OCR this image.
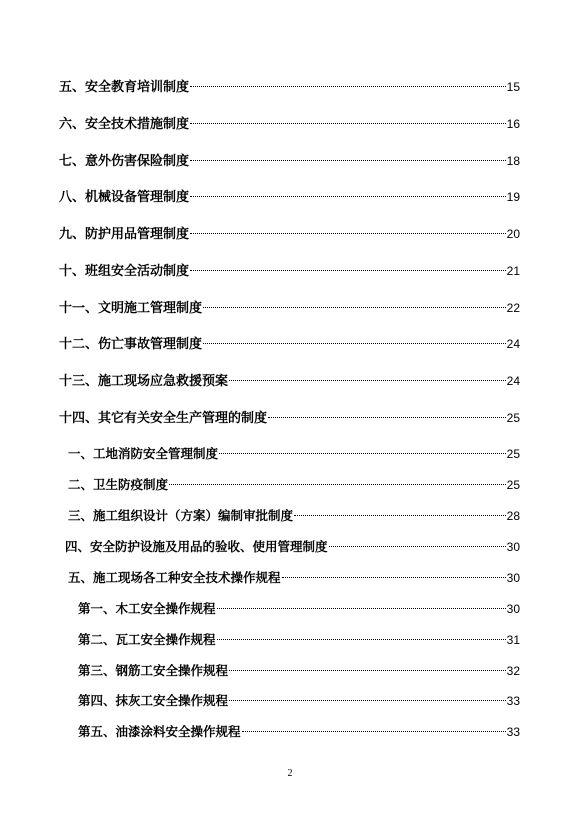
五、安全教育培训制度	15
六、安全技术措施制度	16
七、意外伤害保险制度	18
八、机械设备管理制度	19
九、防护用品管理制度	20
十、班组安全活动制度	21
十一、文明施工管理制度	22
十二、伤亡事故管理制度	24
十三、施工现场应急救援预案	24
十四、其它有关安全生产管理的制度	25
一、工地消防安全管理制度	25
二、卫生防疫制度	25
三、施工组织设计（方案）编制审批制度	28
四、安全防护设施及用品的验收、使用管理制度	30
五、施工现场各工种安全技术操作规程	30
第一、木工安全操作规程	30
第二、瓦工安全操作规程	31
第三、钢筋工安全操作规程	32
第四、抹灰工安全操作规程	33
第五、油漆涂料安全操作规程	33
2
